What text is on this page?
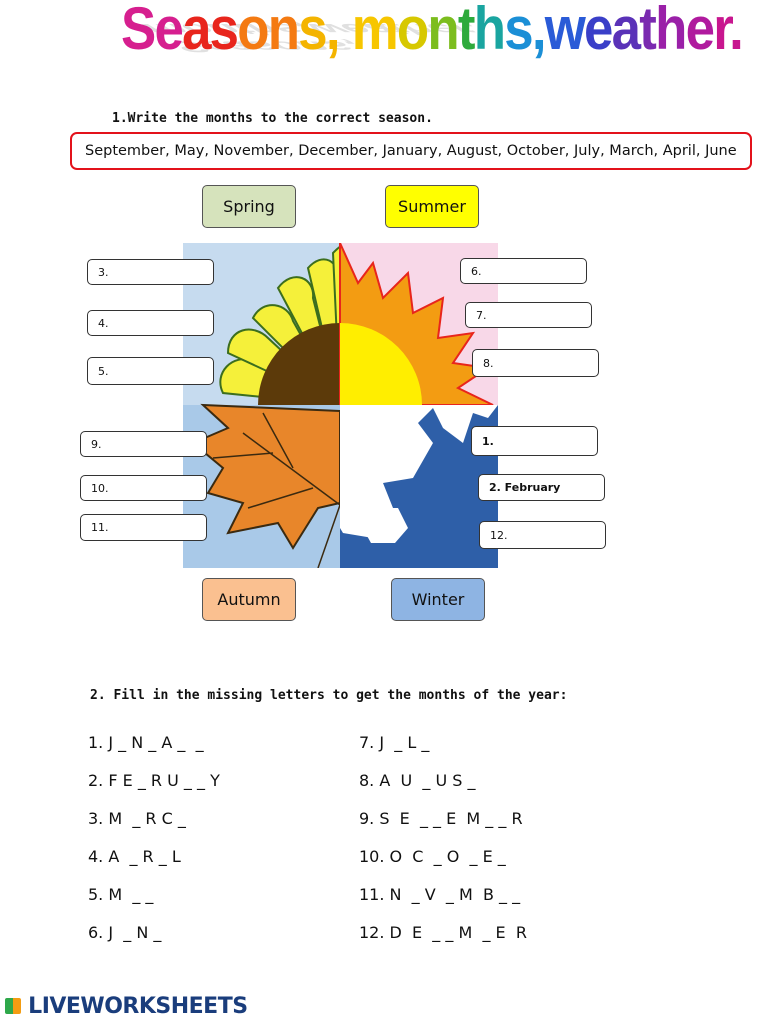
Seasons, months,weather.
Seasons, months,weather.
1.Write the months to the correct season.
September, May, November, December, January, August, October, July, March, April, June
Spring	Summer
Autumn	Winter
3.
4.
5.
6.
7.
8.
9.
10.
11.
1.
2. February
12.
2. Fill in the missing letters to get the months of the year:
1. J _ N _ A _  _
2. F E _ R U _ _ Y
3. M  _ R C _
4. A  _ R _ L
5. M  _ _
6. J  _ N _
7. J  _ L _
8. A  U  _ U S _
9. S  E  _ _ E  M _ _ R
10. O  C  _ O  _ E _
11. N  _ V  _ M  B _ _
12. D  E  _ _ M  _ E  R
LIVEWORKSHEETS
